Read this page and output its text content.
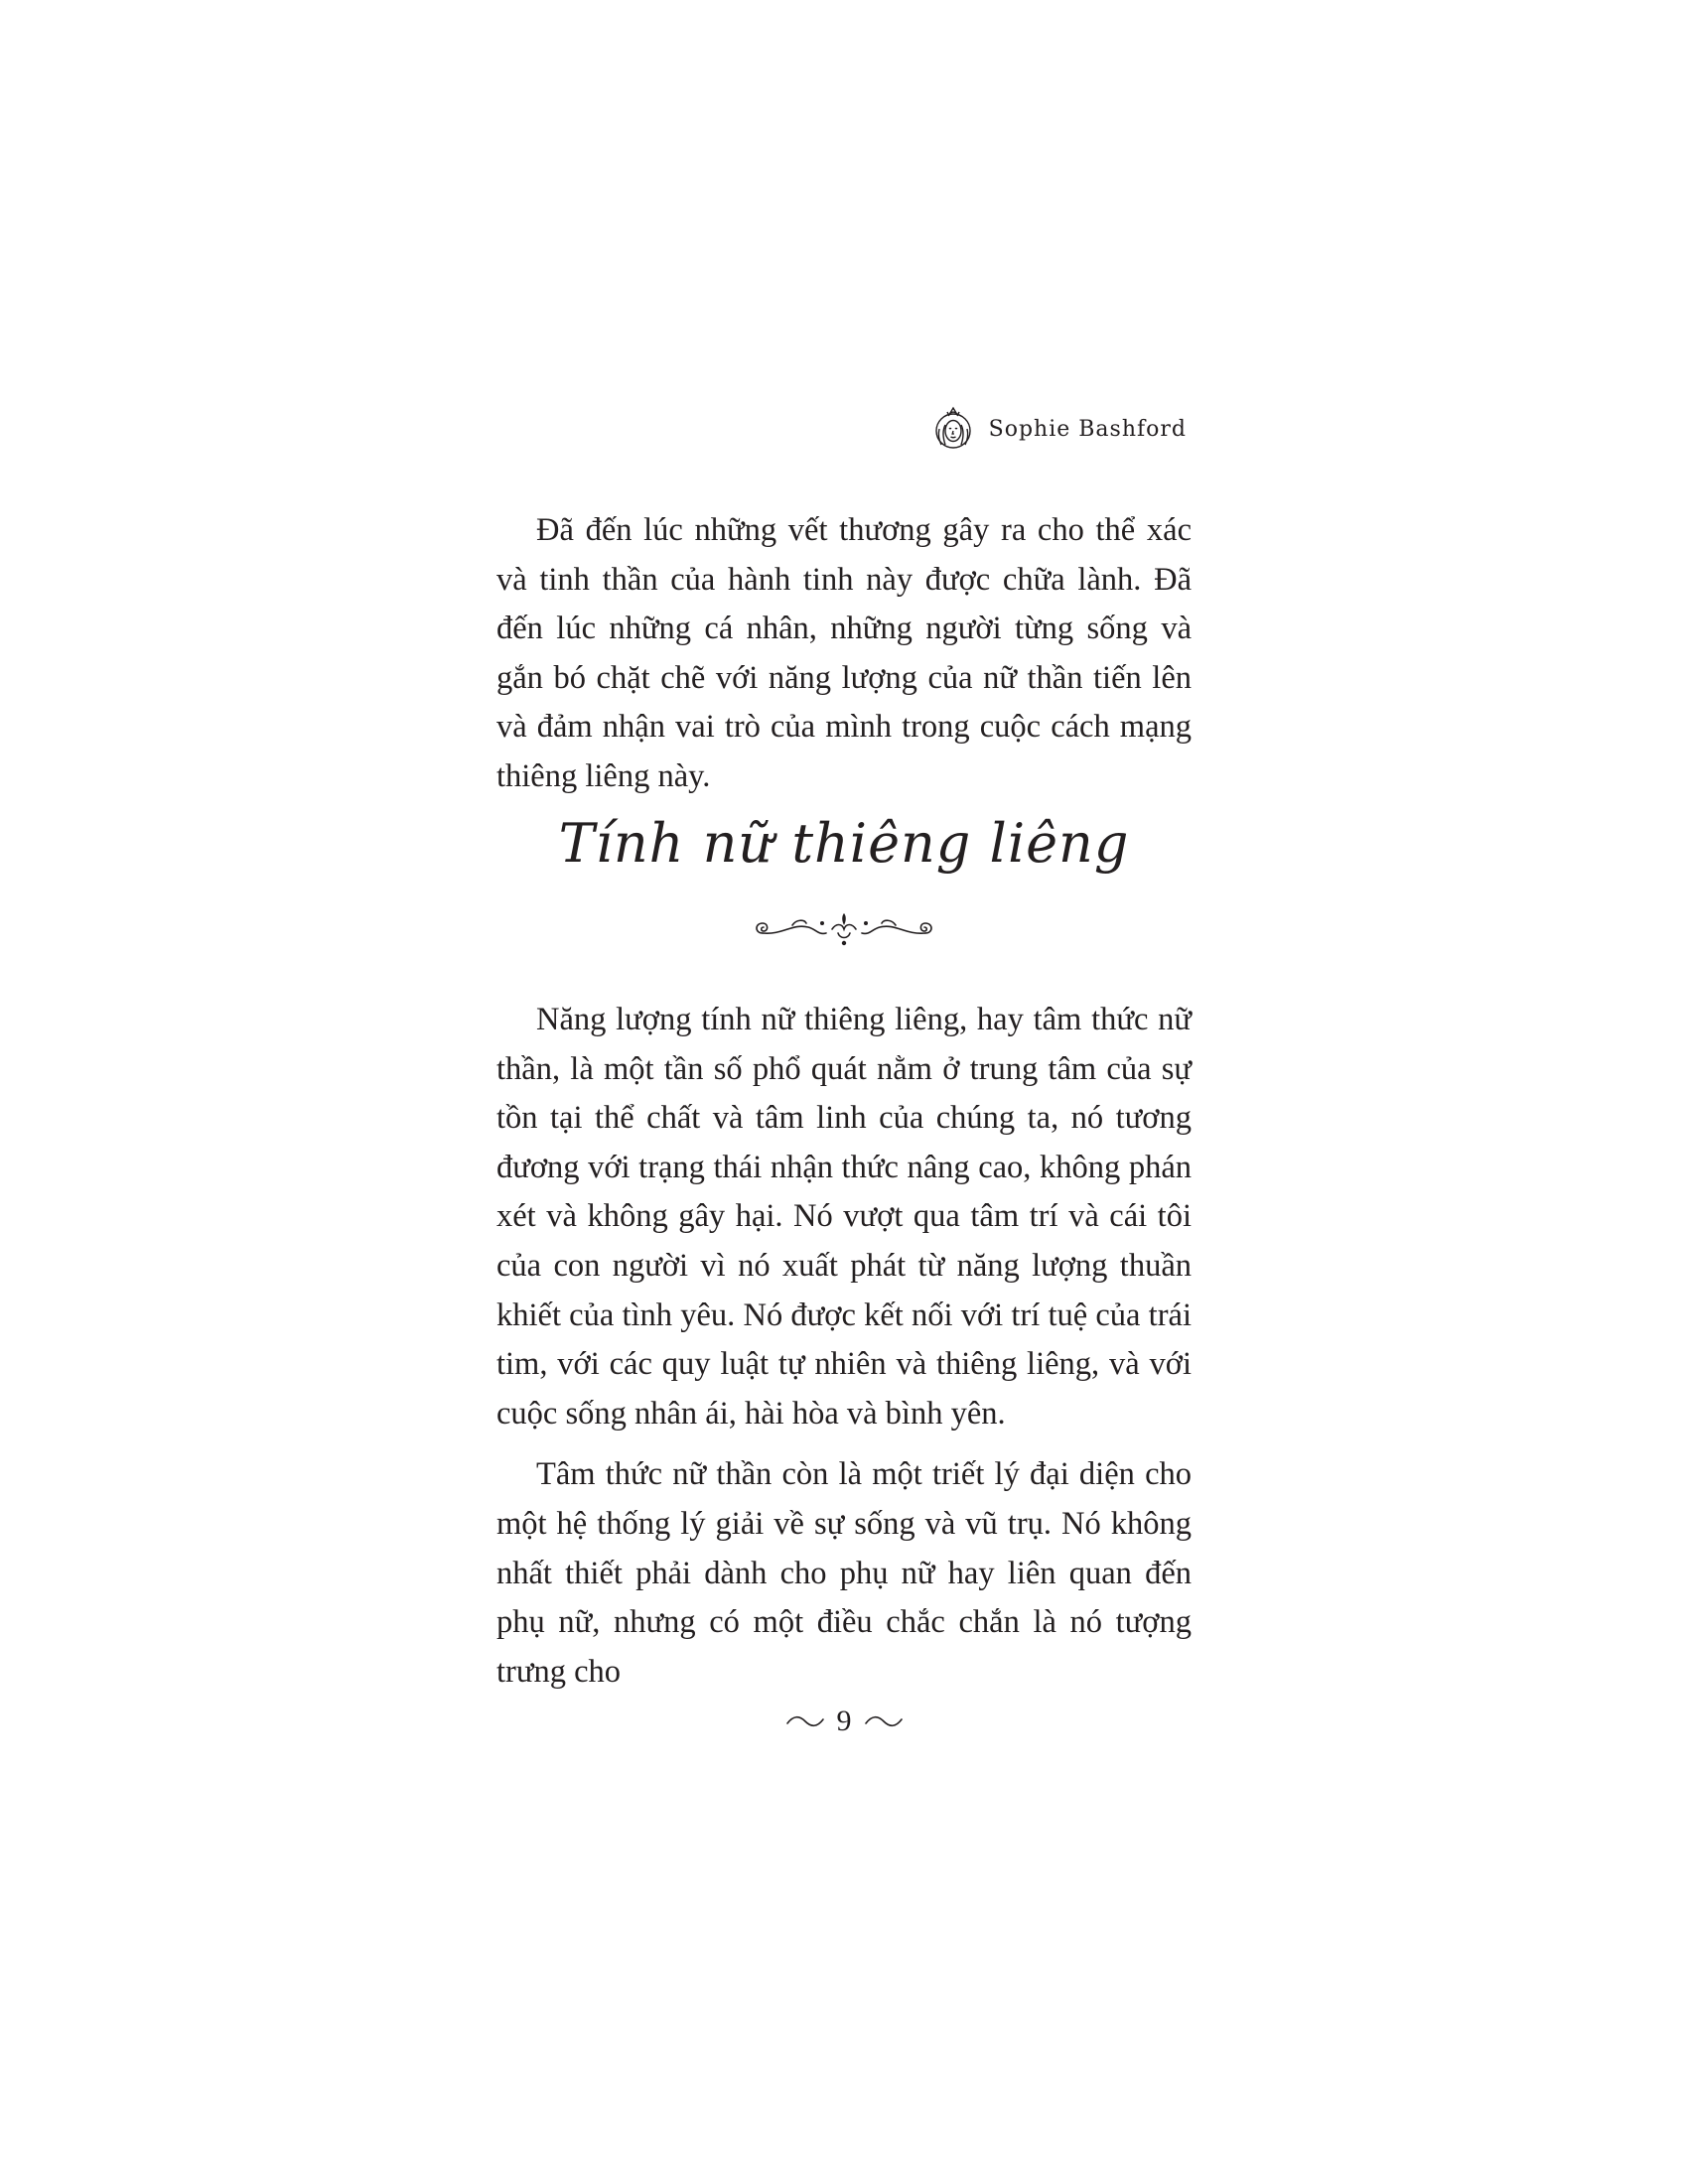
Sophie Bashford

Đã đến lúc những vết thương gây ra cho thể xác và tinh thần của hành tinh này được chữa lành. Đã đến lúc những cá nhân, những người từng sống và gắn bó chặt chẽ với năng lượng của nữ thần tiến lên và đảm nhận vai trò của mình trong cuộc cách mạng thiêng liêng này.

Tính nữ thiêng liêng

Năng lượng tính nữ thiêng liêng, hay tâm thức nữ thần, là một tần số phổ quát nằm ở trung tâm của sự tồn tại thể chất và tâm linh của chúng ta, nó tương đương với trạng thái nhận thức nâng cao, không phán xét và không gây hại. Nó vượt qua tâm trí và cái tôi của con người vì nó xuất phát từ năng lượng thuần khiết của tình yêu. Nó được kết nối với trí tuệ của trái tim, với các quy luật tự nhiên và thiêng liêng, và với cuộc sống nhân ái, hài hòa và bình yên.

Tâm thức nữ thần còn là một triết lý đại diện cho một hệ thống lý giải về sự sống và vũ trụ. Nó không nhất thiết phải dành cho phụ nữ hay liên quan đến phụ nữ, nhưng có một điều chắc chắn là nó tượng trưng cho

9
